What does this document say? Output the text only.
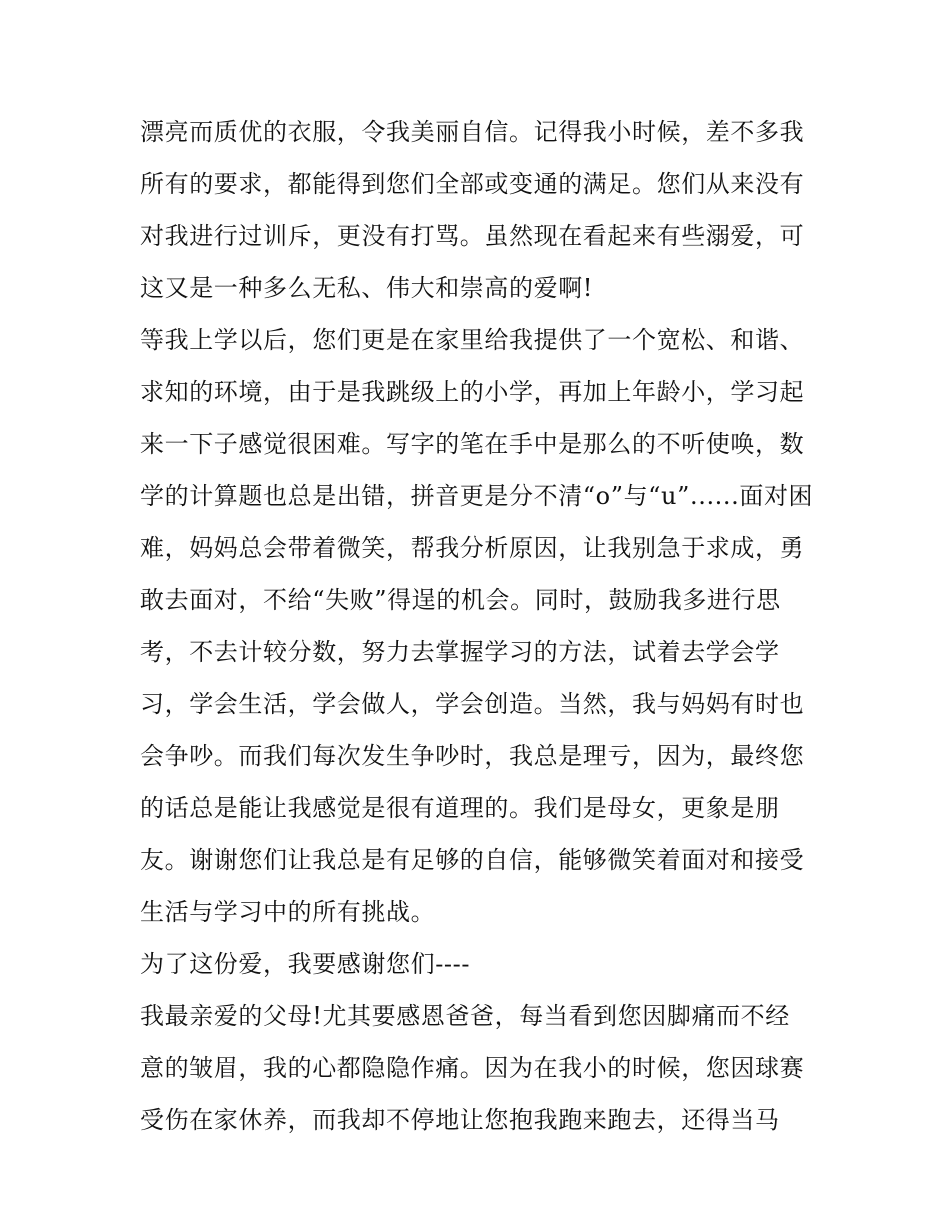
漂亮而质优的衣服，令我美丽自信。记得我小时候，差不多我
所有的要求，都能得到您们全部或变通的满足。您们从来没有
对我进行过训斥，更没有打骂。虽然现在看起来有些溺爱，可
这又是一种多么无私、伟大和崇高的爱啊!
等我上学以后，您们更是在家里给我提供了一个宽松、和谐、
求知的环境，由于是我跳级上的小学，再加上年龄小，学习起
来一下子感觉很困难。写字的笔在手中是那么的不听使唤，数
学的计算题也总是出错，拼音更是分不清“o”与“u”......面对困
难，妈妈总会带着微笑，帮我分析原因，让我别急于求成，勇
敢去面对，不给“失败”得逞的机会。同时，鼓励我多进行思
考，不去计较分数，努力去掌握学习的方法，试着去学会学
习，学会生活，学会做人，学会创造。当然，我与妈妈有时也
会争吵。而我们每次发生争吵时，我总是理亏，因为，最终您
的话总是能让我感觉是很有道理的。我们是母女，更象是朋
友。谢谢您们让我总是有足够的自信，能够微笑着面对和接受
生活与学习中的所有挑战。
为了这份爱，我要感谢您们----
我最亲爱的父母!尤其要感恩爸爸，每当看到您因脚痛而不经
意的皱眉，我的心都隐隐作痛。因为在我小的时候，您因球赛
受伤在家休养，而我却不停地让您抱我跑来跑去，还得当马
